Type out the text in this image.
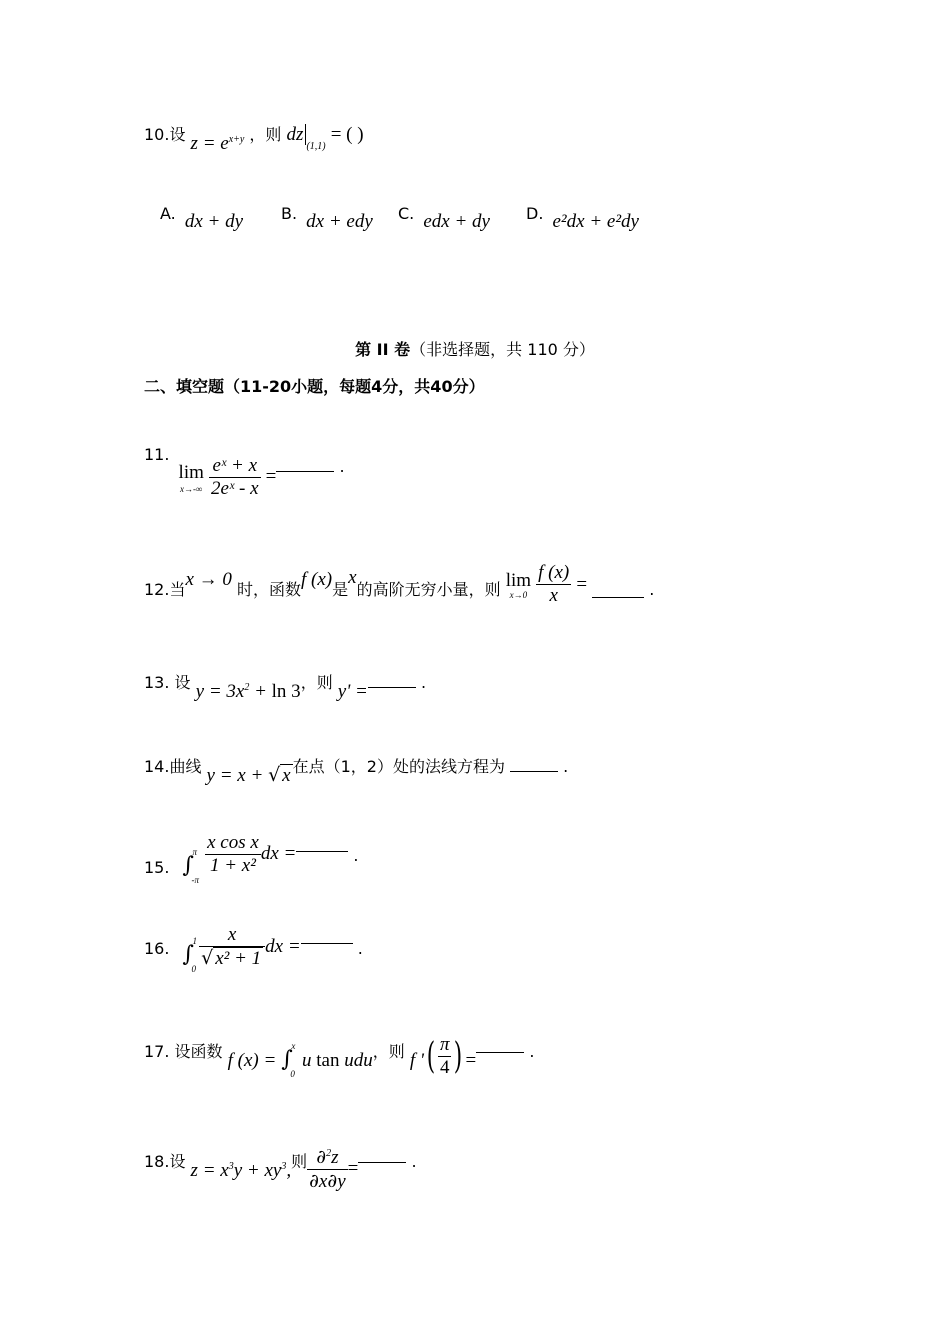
10.设 $z = e^{x+y}$ ，则 $dz_{(1,1)}$ = ( )
A. dx + dy B. dx + edy C. edx + dy D. e²dx + e²dy
第 II 卷（非选择题，共 110 分）
二、填空题（11-20小题，每题4分，共40分）
11.
lim
x→-∞
$\frac{\text{eˣ + x}}{\text{2eˣ - x}}$ =	.
12.当x → 0 时，函数f (x)是x的高阶无穷小量，则 lim
x→0
$\frac{f (x)}{x}$ =	.
13. 设 $y = 3x^2 + \ln 3$，则 y' =	.
14.曲线 y = x + √ x 在点（1，2）处的法线方程为	.
15. ∫
π
-π

$\frac{\text{x cos x}}{\text{1 + x²}}$ dx =	.
16. ∫
1
0
$\frac{x}{\text{√ x² + 1}}$ dx =	.
17. 设函数 f (x) = ∫
x
0
u tan udu，则 f '( $\frac{\pi}{4}$ ) =	.
18.设 $z = x^3y + xy^3$,则 $\frac{\partial^2z}{\partial x\partial y}$ =	.
